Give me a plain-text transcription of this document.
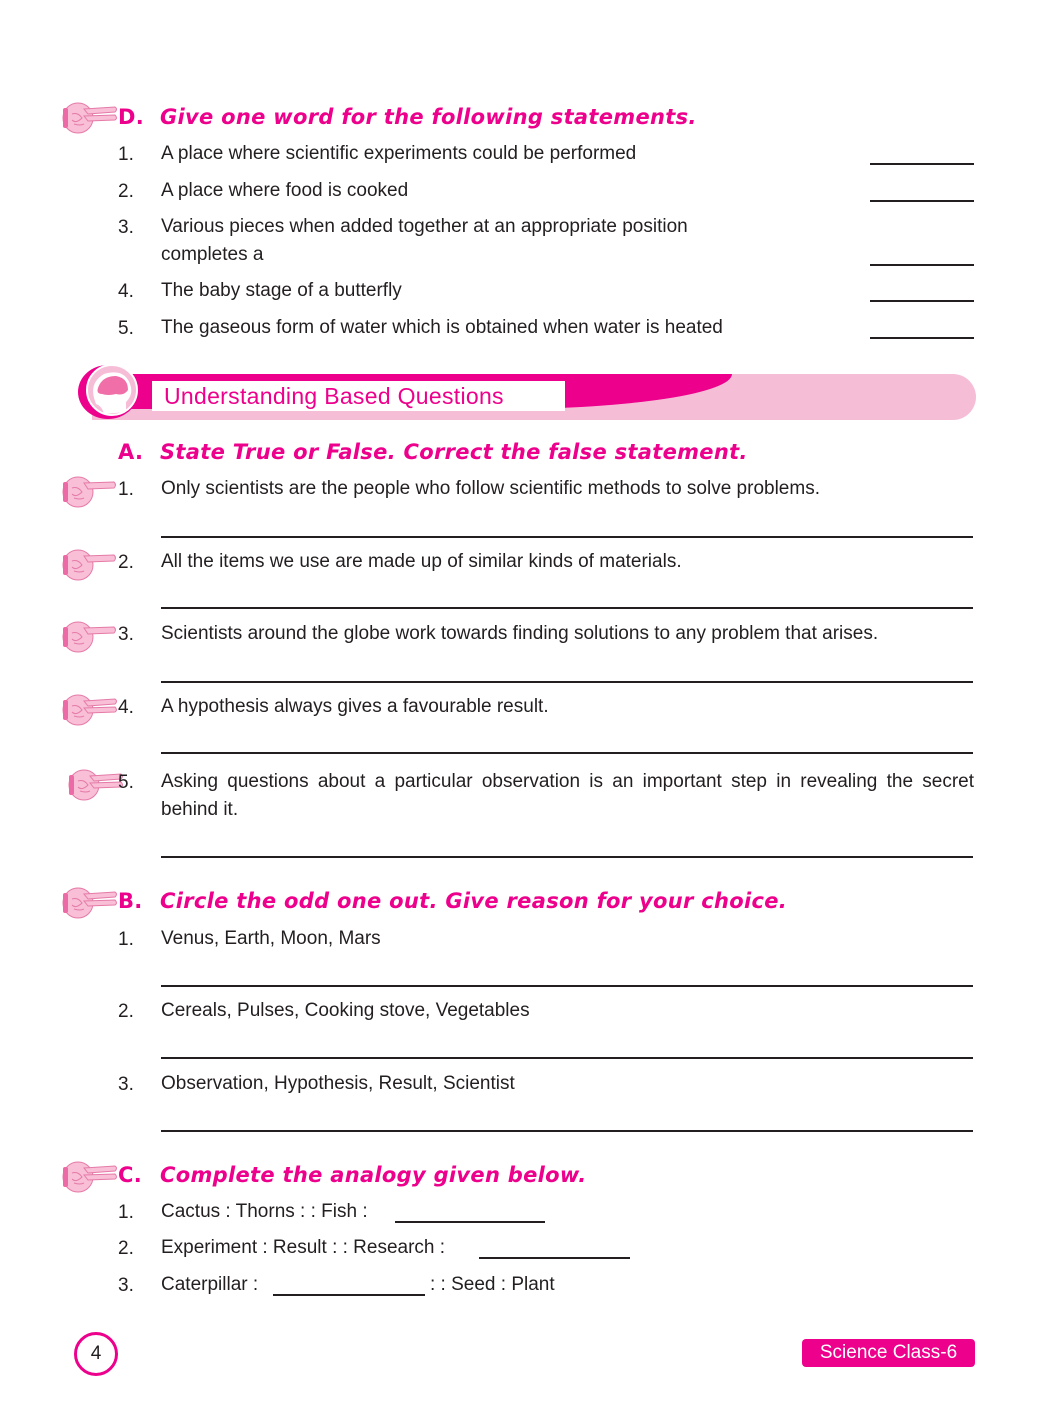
D. Give one word for the following statements.
1. A place where scientific experiments could be performed
2. A place where food is cooked
3. Various pieces when added together at an appropriate position completes a
4. The baby stage of a butterfly
5. The gaseous form of water which is obtained when water is heated
Understanding Based Questions
A. State True or False. Correct the false statement.
1. Only scientists are the people who follow scientific methods to solve problems.
2. All the items we use are made up of similar kinds of materials.
3. Scientists around the globe work towards finding solutions to any problem that arises.
4. A hypothesis always gives a favourable result.
5. Asking questions about a particular observation is an important step in revealing the secret behind it.
B. Circle the odd one out. Give reason for your choice.
1. Venus, Earth, Moon, Mars
2. Cereals, Pulses, Cooking stove, Vegetables
3. Observation, Hypothesis, Result, Scientist
C. Complete the analogy given below.
1. Cactus : Thorns : : Fish :
2. Experiment : Result : : Research :
3. Caterpillar :	: : Seed : Plant
4	Science Class-6
